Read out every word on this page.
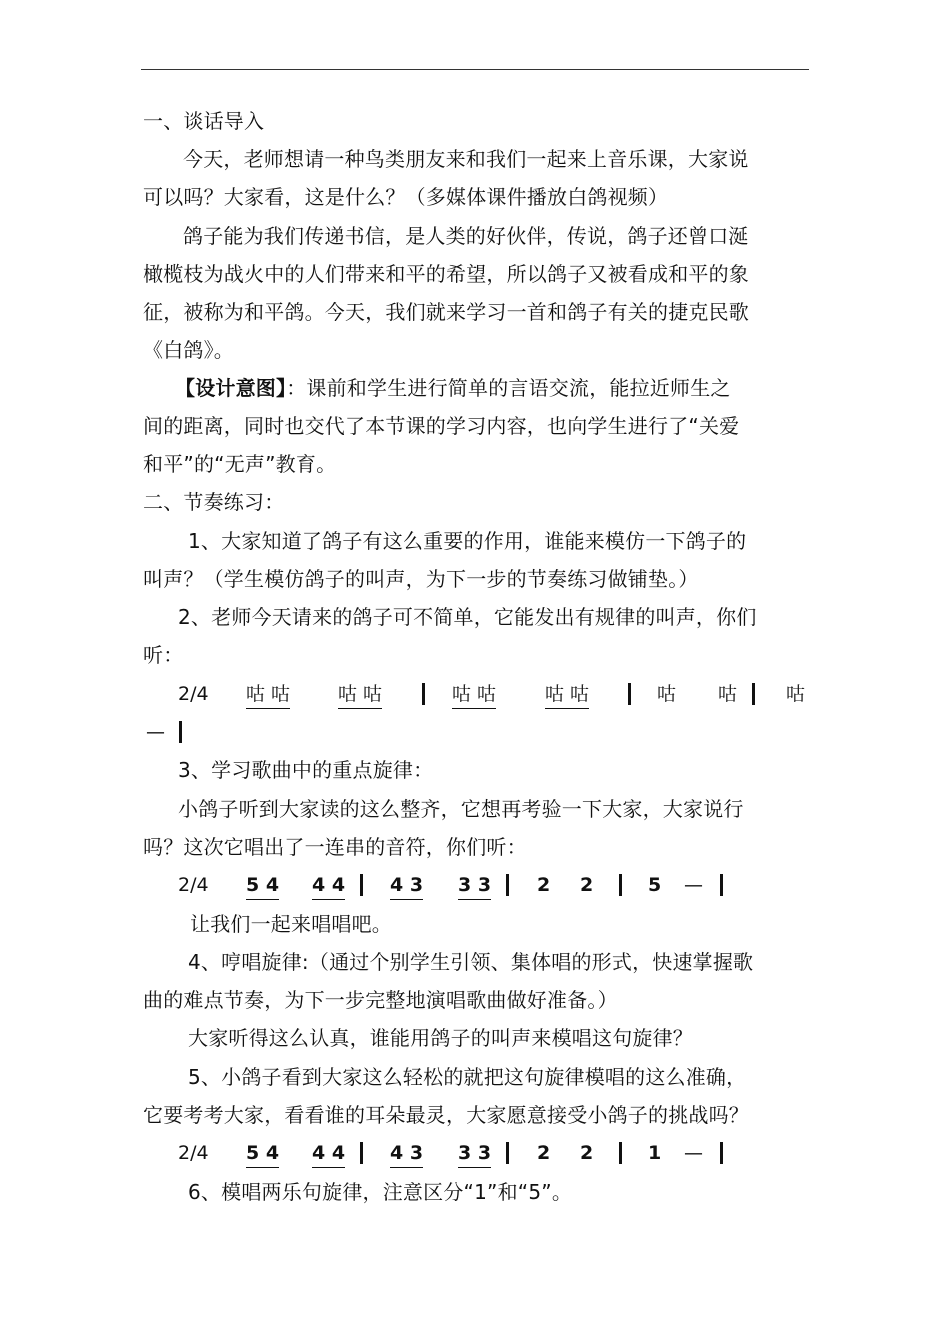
一、谈话导入
今天，老师想请一种鸟类朋友来和我们一起来上音乐课，大家说
可以吗？大家看，这是什么？（多媒体课件播放白鸽视频）
鸽子能为我们传递书信，是人类的好伙伴，传说，鸽子还曾口涎
橄榄枝为战火中的人们带来和平的希望，所以鸽子又被看成和平的象
征，被称为和平鸽。今天，我们就来学习一首和鸽子有关的捷克民歌
《白鸽》。
【设计意图】：课前和学生进行简单的言语交流，能拉近师生之
间的距离，同时也交代了本节课的学习内容，也向学生进行了“关爱
和平”的“无声”教育。
二、节奏练习：
1、大家知道了鸽子有这么重要的作用，谁能来模仿一下鸽子的
叫声？（学生模仿鸽子的叫声，为下一步的节奏练习做铺垫。）
2、老师今天请来的鸽子可不简单，它能发出有规律的叫声，你们
听：
2/4 咕 咕	咕 咕	咕 咕	咕 咕	咕 咕	咕
—
3、学习歌曲中的重点旋律：
小鸽子听到大家读的这么整齐，它想再考验一下大家，大家说行
吗？这次它唱出了一连串的音符，你们听：
2/4 5 4 4 4 4 3 3 3 2 2	5 —
让我们一起来唱唱吧。
4、哼唱旋律:（通过个别学生引领、集体唱的形式，快速掌握歌
曲的难点节奏，为下一步完整地演唱歌曲做好准备。）
大家听得这么认真，谁能用鸽子的叫声来模唱这句旋律？
5、小鸽子看到大家这么轻松的就把这句旋律模唱的这么准确，
它要考考大家，看看谁的耳朵最灵，大家愿意接受小鸽子的挑战吗？
2/4 5 4 4 4 4 3 3 3 2 2	1 —
6、模唱两乐句旋律，注意区分“1”和“5”。
